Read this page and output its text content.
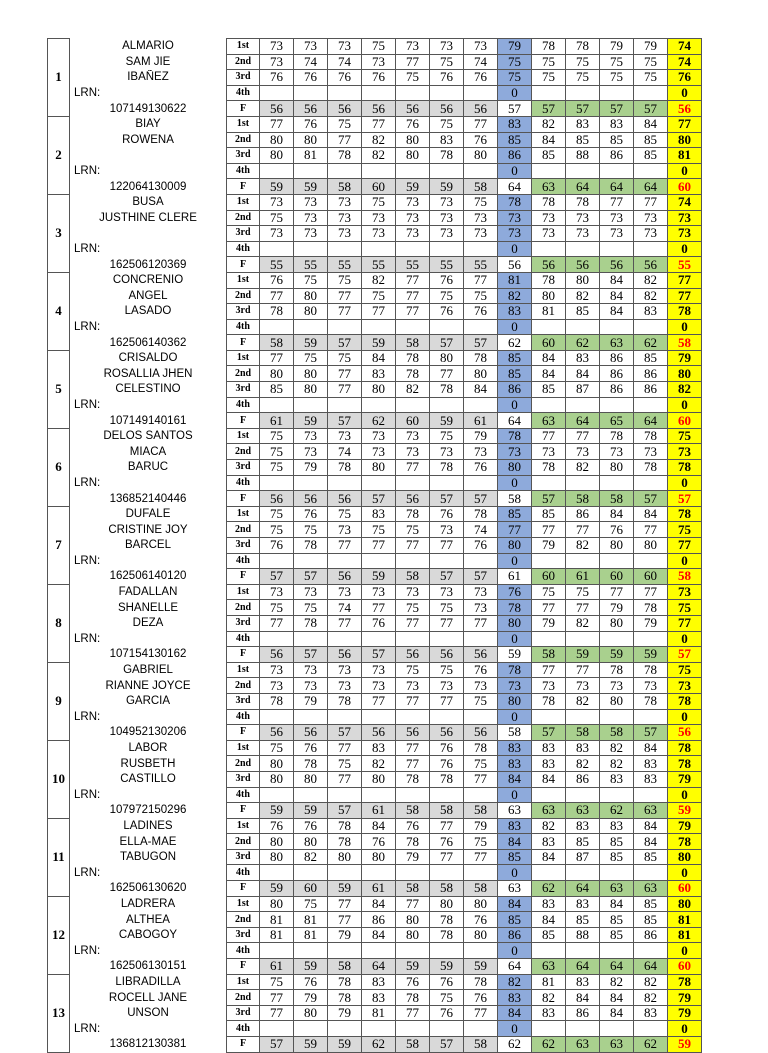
1	ALMARIO	1st	73	73	73	75	73	73	73	79	78	78	79	79	74
	SAM JIE	2nd	73	74	74	73	77	75	74	75	75	75	75	75	74
	IBAÑEZ	3rd	76	76	76	76	75	76	76	75	75	75	75	75	76
	LRN:	4th								0					0
	107149130622	F	56	56	56	56	56	56	56	57	57	57	57	57	56
2	BIAY	1st	77	76	75	77	76	75	77	83	82	83	83	84	77
	ROWENA	2nd	80	80	77	82	80	83	76	85	84	85	85	85	80
		3rd	80	81	78	82	80	78	80	86	85	88	86	85	81
	LRN:	4th								0					0
	122064130009	F	59	59	58	60	59	59	58	64	63	64	64	64	60
3	BUSA	1st	73	73	73	75	73	73	75	78	78	78	77	77	74
	JUSTHINE CLERE	2nd	75	73	73	73	73	73	73	73	73	73	73	73	73
		3rd	73	73	73	73	73	73	73	73	73	73	73	73	73
	LRN:	4th								0					0
	162506120369	F	55	55	55	55	55	55	55	56	56	56	56	56	55
4	CONCRENIO	1st	76	75	75	82	77	76	77	81	78	80	84	82	77
	ANGEL	2nd	77	80	77	75	77	75	75	82	80	82	84	82	77
	LASADO	3rd	78	80	77	77	77	76	76	83	81	85	84	83	78
	LRN:	4th								0					0
	162506140362	F	58	59	57	59	58	57	57	62	60	62	63	62	58
5	CRISALDO	1st	77	75	75	84	78	80	78	85	84	83	86	85	79
	ROSALLIA JHEN	2nd	80	80	77	83	78	77	80	85	84	84	86	86	80
	CELESTINO	3rd	85	80	77	80	82	78	84	86	85	87	86	86	82
	LRN:	4th								0					0
	107149140161	F	61	59	57	62	60	59	61	64	63	64	65	64	60
6	DELOS SANTOS	1st	75	73	73	73	73	75	79	78	77	77	78	78	75
	MIACA	2nd	75	73	74	73	73	73	73	73	73	73	73	73	73
	BARUC	3rd	75	79	78	80	77	78	76	80	78	82	80	78	78
	LRN:	4th								0					0
	136852140446	F	56	56	56	57	56	57	57	58	57	58	58	57	57
7	DUFALE	1st	75	76	75	83	78	76	78	85	85	86	84	84	78
	CRISTINE JOY	2nd	75	75	73	75	75	73	74	77	77	77	76	77	75
	BARCEL	3rd	76	78	77	77	77	77	76	80	79	82	80	80	77
	LRN:	4th								0					0
	162506140120	F	57	57	56	59	58	57	57	61	60	61	60	60	58
8	FADALLAN	1st	73	73	73	73	73	73	73	76	75	75	77	77	73
	SHANELLE	2nd	75	75	74	77	75	75	73	78	77	77	79	78	75
	DEZA	3rd	77	78	77	76	77	77	77	80	79	82	80	79	77
	LRN:	4th								0					0
	107154130162	F	56	57	56	57	56	56	56	59	58	59	59	59	57
9	GABRIEL	1st	73	73	73	73	75	75	76	78	77	77	78	78	75
	RIANNE JOYCE	2nd	73	73	73	73	73	73	73	73	73	73	73	73	73
	GARCIA	3rd	78	79	78	77	77	77	75	80	78	82	80	78	78
	LRN:	4th								0					0
	104952130206	F	56	56	57	56	56	56	56	58	57	58	58	57	56
10	LABOR	1st	75	76	77	83	77	76	78	83	83	83	82	84	78
	RUSBETH	2nd	80	78	75	82	77	76	75	83	83	82	82	83	78
	CASTILLO	3rd	80	80	77	80	78	78	77	84	84	86	83	83	79
	LRN:	4th								0					0
	107972150296	F	59	59	57	61	58	58	58	63	63	63	62	63	59
11	LADINES	1st	76	76	78	84	76	77	79	83	82	83	83	84	79
	ELLA-MAE	2nd	80	80	78	76	78	76	75	84	83	85	85	84	78
	TABUGON	3rd	80	82	80	80	79	77	77	85	84	87	85	85	80
	LRN:	4th								0					0
	162506130620	F	59	60	59	61	58	58	58	63	62	64	63	63	60
12	LADRERA	1st	80	75	77	84	77	80	80	84	83	83	84	85	80
	ALTHEA	2nd	81	81	77	86	80	78	76	85	84	85	85	85	81
	CABOGOY	3rd	81	81	79	84	80	78	80	86	85	88	85	86	81
	LRN:	4th								0					0
	162506130151	F	61	59	58	64	59	59	59	64	63	64	64	64	60
13	LIBRADILLA	1st	75	76	78	83	76	76	78	82	81	83	82	82	78
	ROCELL JANE	2nd	77	79	78	83	78	75	76	83	82	84	84	82	79
	UNSON	3rd	77	80	79	81	77	76	77	84	83	86	84	83	79
	LRN:	4th								0					0
	136812130381	F	57	59	59	62	58	57	58	62	62	63	63	62	59
